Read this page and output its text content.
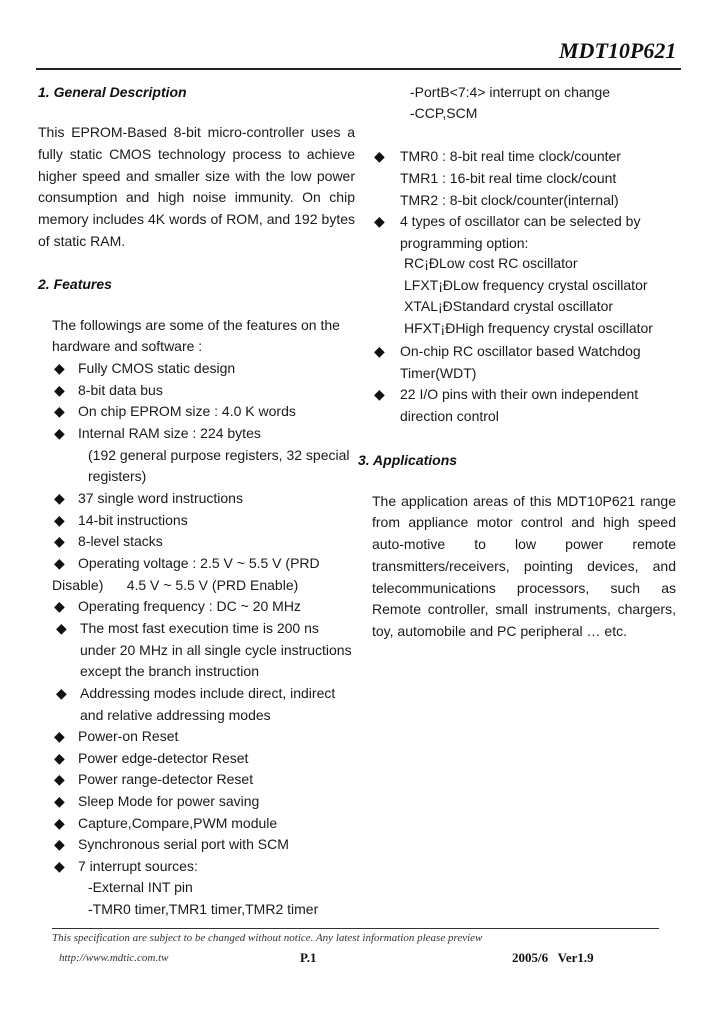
MDT10P621
1. General Description
This EPROM-Based 8-bit micro-controller uses a
fully static CMOS technology process to achieve
higher speed and smaller size with the low power
consumption and high noise immunity. On chip
memory includes 4K words of ROM, and 192 bytes
of static RAM.
2. Features
The followings are some of the features on the
hardware and software :
◆ Fully CMOS static design
◆ 8-bit data bus
◆ On chip EPROM size : 4.0 K words
◆ Internal RAM size : 224 bytes
(192 general purpose registers, 32 special
registers)
◆ 37 single word instructions
◆ 14-bit instructions
◆ 8-level stacks
◆ Operating voltage : 2.5 V ~ 5.5 V (PRD
Disable)      4.5 V ~ 5.5 V (PRD Enable)
◆ Operating frequency : DC ~ 20 MHz
◆ The most fast execution time is 200 ns
under 20 MHz in all single cycle instructions
except the branch instruction
◆ Addressing modes include direct, indirect
and relative addressing modes
◆ Power-on Reset
◆ Power edge-detector Reset
◆ Power range-detector Reset
◆ Sleep Mode for power saving
◆ Capture,Compare,PWM module
◆ Synchronous serial port with SCM
◆ 7 interrupt sources:
-External INT pin
-TMR0 timer,TMR1 timer,TMR2 timer
-PortB<7:4> interrupt on change
-CCP,SCM
◆ TMR0 : 8-bit real time clock/counter
TMR1 : 16-bit real time clock/count
TMR2 : 8-bit clock/counter(internal)
◆ 4 types of oscillator can be selected by
programming option:
RC¡ÐLow cost RC oscillator
LFXT¡ÐLow frequency crystal oscillator
XTAL¡ÐStandard crystal oscillator
HFXT¡ÐHigh frequency crystal oscillator
◆ On-chip RC oscillator based Watchdog
Timer(WDT)
◆ 22 I/O pins with their own independent
direction control
3. Applications
The application areas of this MDT10P621 range
from appliance motor control and high speed
auto-motive to low power remote
transmitters/receivers, pointing devices, and
telecommunications processors, such as
Remote controller, small instruments, chargers,
toy, automobile and PC peripheral … etc.
This specification are subject to be changed without notice. Any latest information please preview
http://www.mdtic.com.tw	P.1	2005/6   Ver1.9
